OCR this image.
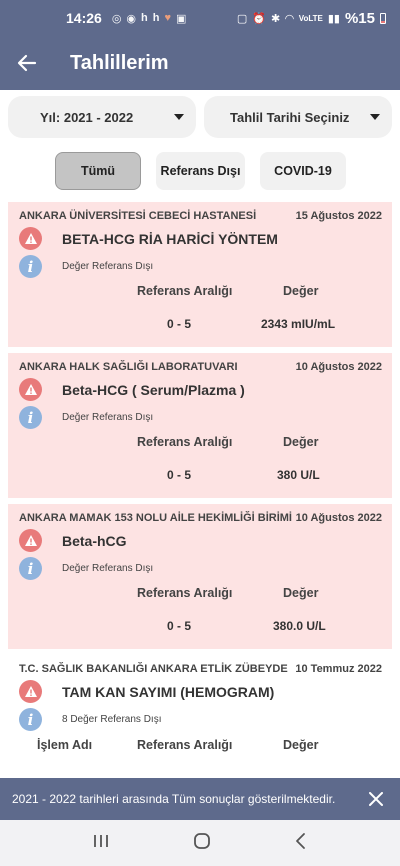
14:26 ◎ ◉ h h ♥ ▣	▢ ⏰ ✱ ◠ VoLTE ▮▮ %15
Tahlillerim
Yıl: 2021 - 2022	Tahlil Tarihi Seçiniz
Tümü	Referans Dışı	COVID-19
ANKARA ÜNİVERSİTESİ CEBECİ HASTANESİ	15 Ağustos 2022
BETA-HCG RİA HARİCİ YÖNTEM
i	Değer Referans Dışı
Referans Aralığı	Değer
0 - 5	2343 mIU/mL
ANKARA HALK SAĞLIĞI LABORATUVARI	10 Ağustos 2022
Beta-HCG ( Serum/Plazma )
i	Değer Referans Dışı
Referans Aralığı	Değer
0 - 5	380 U/L
ANKARA MAMAK 153 NOLU AİLE HEKİMLİĞİ BİRİMİ 10 Ağustos 2022
Beta-hCG
i	Değer Referans Dışı
Referans Aralığı	Değer
0 - 5	380.0 U/L
T.C. SAĞLIK BAKANLIĞI ANKARA ETLİK ZÜBEYDE 10 Temmuz 2022
TAM KAN SAYIMI (HEMOGRAM)
i	8 Değer Referans Dışı
İşlem Adı	Referans Aralığı	Değer
2021 - 2022 tarihleri arasında Tüm sonuçlar gösterilmektedir.
